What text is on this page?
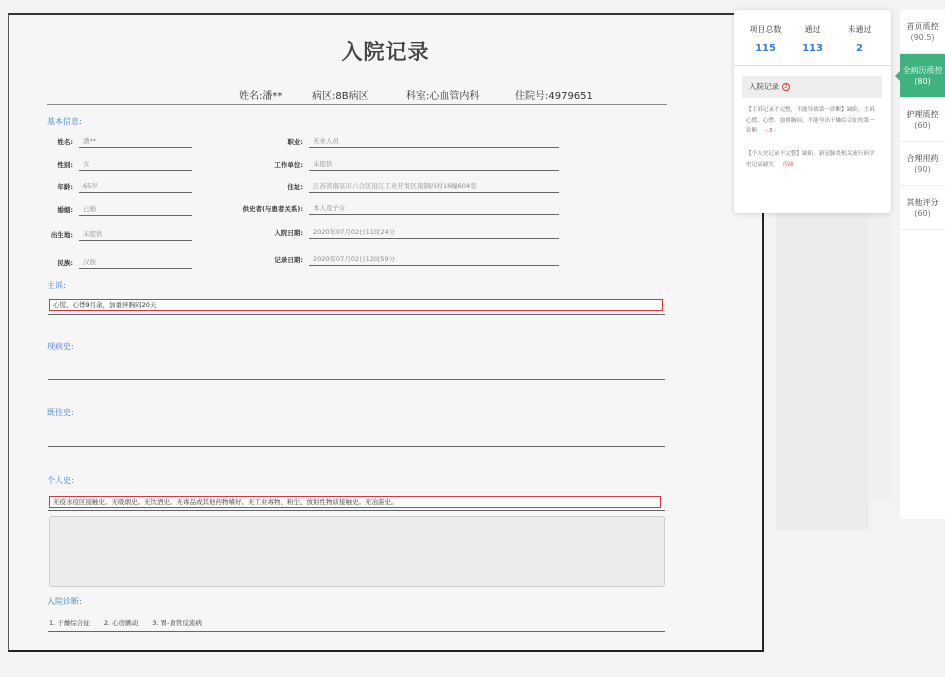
入院记录
姓名:潘**	病区:8B病区	科室:心血管内科	住院号:4979651
基本信息:
姓名:	潘**
性别:	女
年龄:	65岁
婚姻:	已婚
出生地:	未提供
民族:	汉族
职业:	无业人员
工作单位:	未提供
住址:	江苏省南京市六合区沿江工业开发区南钢四村16幢604室
供史者(与患者关系):	本人及子女
入院日期:	2020年07月02日11时24分
记录日期:	2020年07月02日12时59分
主诉:
心慌、心悸9月余，加重伴胸闷20天
现病史:
既往史:
个人史:
无疫水疫区接触史。无吸烟史。无饮酒史。无毒品或其他药物嗜好。无工业毒物、粉尘、放射性物质接触史。无冶游史。
入院诊断:
1. 干燥综合征 2. 心房颤动 3. 胃-食管反流病
项目总数
115
通过
113
未通过
2
入院记录 2
【主诉记录不完整，不能导致第一诊断】缺陷：主诉心慌、心悸、加重胸闷，不能导出干燥综合征的第一诊断 -.5
【个人史记录不完整】缺陷：新冠肺炎相关流行病学史记录缺失 丙级
首页质控
(90.5)
全病历质控
(80)
护理质控
(60)
合理用药
(90)
其他评分
(60)
